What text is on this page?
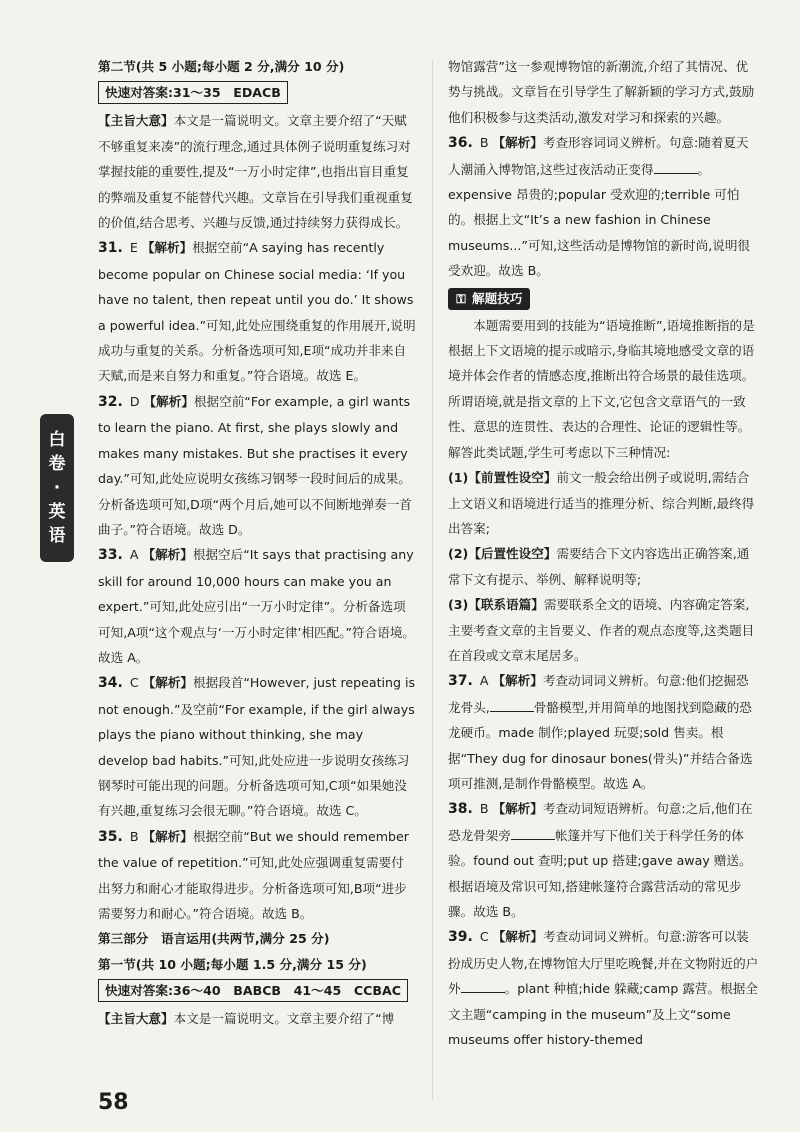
白
卷
·
英
语

第二节(共 5 小题;每小题 2 分,满分 10 分)

快速对答案:31～35　EDACB

【主旨大意】本文是一篇说明文。文章主要介绍了“天赋不够重复来凑”的流行理念,通过具体例子说明重复练习对掌握技能的重要性,提及“一万小时定律”,也指出盲目重复的弊端及重复不能替代兴趣。文章旨在引导我们重视重复的价值,结合思考、兴趣与反馈,通过持续努力获得成长。

31. E 【解析】根据空前“A saying has recently become popular on Chinese social media: ‘If you have no talent, then repeat until you do.’ It shows a powerful idea.”可知,此处应围绕重复的作用展开,说明成功与重复的关系。分析备选项可知,E项“成功并非来自天赋,而是来自努力和重复。”符合语境。故选 E。

32. D 【解析】根据空前“For example, a girl wants to learn the piano. At first, she plays slowly and makes many mistakes. But she practises it every day.”可知,此处应说明女孩练习钢琴一段时间后的成果。分析备选项可知,D项“两个月后,她可以不间断地弹奏一首曲子。”符合语境。故选 D。

33. A 【解析】根据空后“It says that practising any skill for around 10,000 hours can make you an expert.”可知,此处应引出“一万小时定律”。分析备选项可知,A项“这个观点与‘一万小时定律’相匹配。”符合语境。故选 A。

34. C 【解析】根据段首“However, just repeating is not enough.”及空前“For example, if the girl always plays the piano without thinking, she may develop bad habits.”可知,此处应进一步说明女孩练习钢琴时可能出现的问题。分析备选项可知,C项“如果她没有兴趣,重复练习会很无聊。”符合语境。故选 C。

35. B 【解析】根据空前“But we should remember the value of repetition.”可知,此处应强调重复需要付出努力和耐心才能取得进步。分析备选项可知,B项“进步需要努力和耐心。”符合语境。故选 B。

第三部分　语言运用(共两节,满分 25 分)

第一节(共 10 小题;每小题 1.5 分,满分 15 分)

快速对答案:36～40　BABCB　41～45　CCBAC

【主旨大意】本文是一篇说明文。文章主要介绍了“博

物馆露营”这一参观博物馆的新潮流,介绍了其情况、优势与挑战。文章旨在引导学生了解新颖的学习方式,鼓励他们积极参与这类活动,激发对学习和探索的兴趣。

36. B 【解析】考查形容词词义辨析。句意:随着夏天人潮涌入博物馆,这些过夜活动正变得	。expensive 昂贵的;popular 受欢迎的;terrible 可怕的。根据上文“It’s a new fashion in Chinese museums...”可知,这些活动是博物馆的新时尚,说明很受欢迎。故选 B。

⚿ 解题技巧

本题需要用到的技能为“语境推断”,语境推断指的是根据上下文语境的提示或暗示,身临其境地感受文章的语境并体会作者的情感态度,推断出符合场景的最佳选项。所谓语境,就是指文章的上下文,它包含文章语气的一致性、意思的连贯性、表达的合理性、论证的逻辑性等。解答此类试题,学生可考虑以下三种情况:

(1)【前置性设空】前文一般会给出例子或说明,需结合上文语义和语境进行适当的推理分析、综合判断,最终得出答案;

(2)【后置性设空】需要结合下文内容选出正确答案,通常下文有提示、举例、解释说明等;

(3)【联系语篇】需要联系全文的语境、内容确定答案,主要考查文章的主旨要义、作者的观点态度等,这类题目在首段或文章末尾居多。

37. A 【解析】考查动词词义辨析。句意:他们挖掘恐龙骨头,	骨骼模型,并用简单的地图找到隐藏的恐龙硬币。made 制作;played 玩耍;sold 售卖。根据“They dug for dinosaur bones(骨头)”并结合备选项可推测,是制作骨骼模型。故选 A。

38. B 【解析】考查动词短语辨析。句意:之后,他们在恐龙骨架旁	帐篷并写下他们关于科学任务的体验。found out 查明;put up 搭建;gave away 赠送。根据语境及常识可知,搭建帐篷符合露营活动的常见步骤。故选 B。

39. C 【解析】考查动词词义辨析。句意:游客可以装扮成历史人物,在博物馆大厅里吃晚餐,并在文物附近的户外	。plant 种植;hide 躲藏;camp 露营。根据全文主题“camping in the museum”及上文“some museums offer history-themed

58
